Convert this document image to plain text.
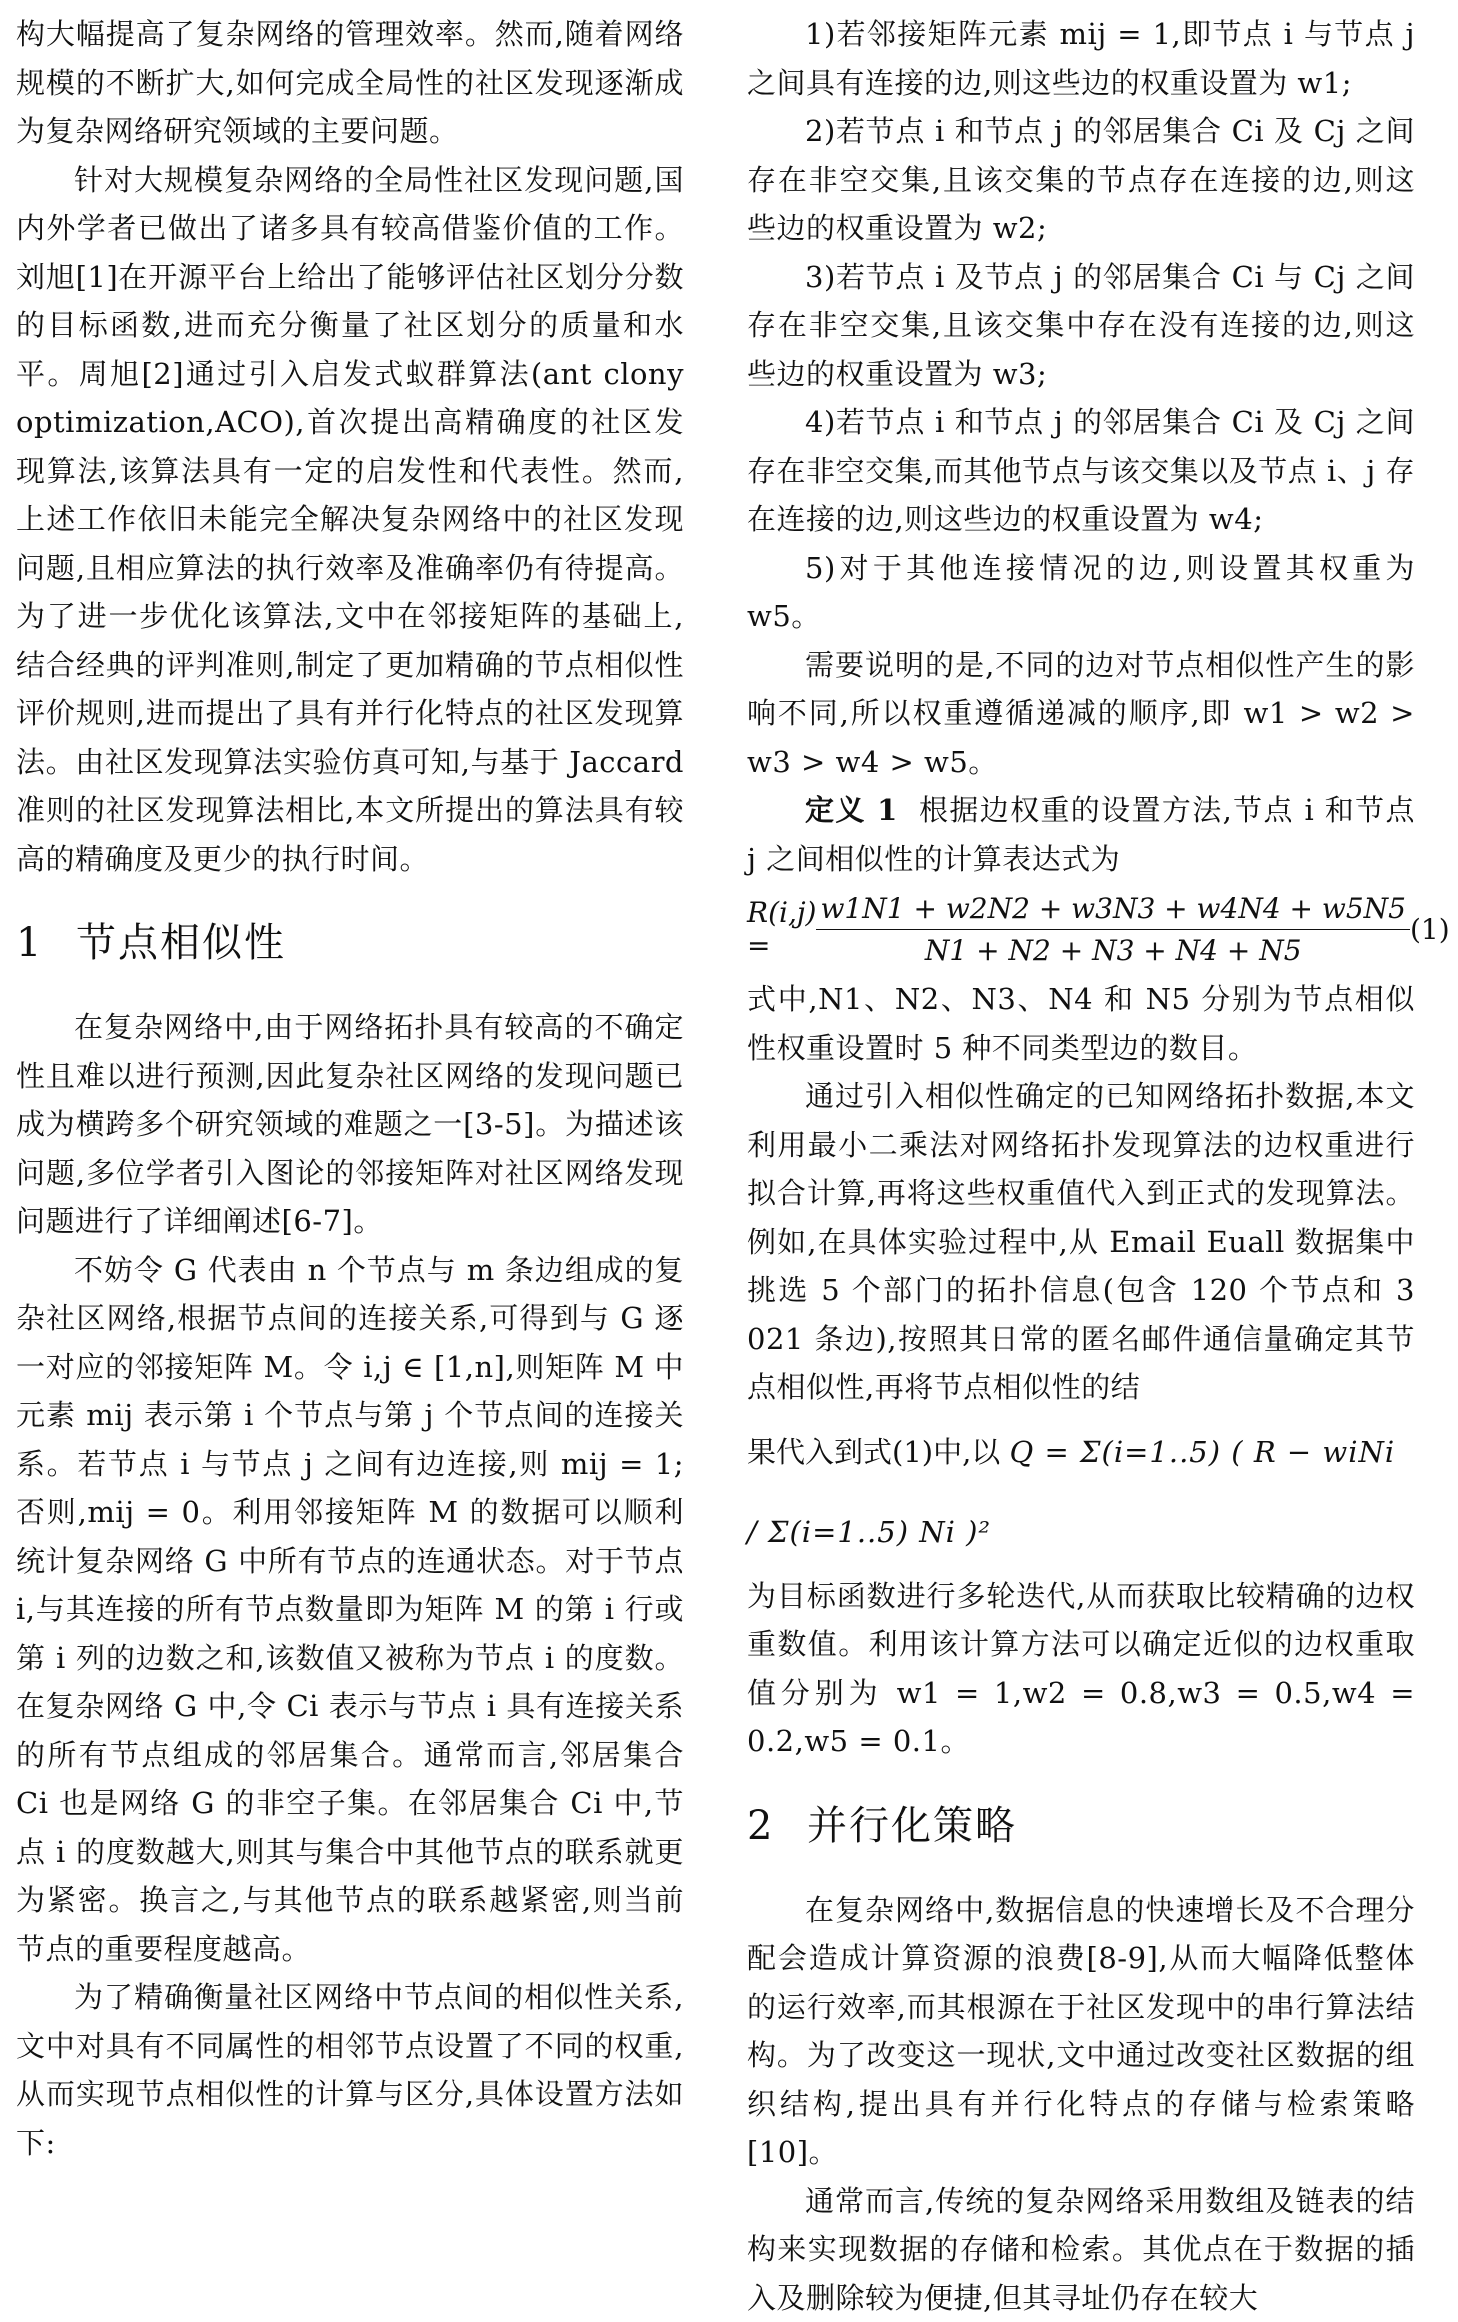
构大幅提高了复杂网络的管理效率。然而,随着网络规模的不断扩大,如何完成全局性的社区发现逐渐成为复杂网络研究领域的主要问题。

针对大规模复杂网络的全局性社区发现问题,国内外学者已做出了诸多具有较高借鉴价值的工作。刘旭[1]在开源平台上给出了能够评估社区划分分数的目标函数,进而充分衡量了社区划分的质量和水平。周旭[2]通过引入启发式蚁群算法(ant clony optimization,ACO),首次提出高精确度的社区发现算法,该算法具有一定的启发性和代表性。然而,上述工作依旧未能完全解决复杂网络中的社区发现问题,且相应算法的执行效率及准确率仍有待提高。为了进一步优化该算法,文中在邻接矩阵的基础上,结合经典的评判准则,制定了更加精确的节点相似性评价规则,进而提出了具有并行化特点的社区发现算法。由社区发现算法实验仿真可知,与基于 Jaccard 准则的社区发现算法相比,本文所提出的算法具有较高的精确度及更少的执行时间。

1 节点相似性

在复杂网络中,由于网络拓扑具有较高的不确定性且难以进行预测,因此复杂社区网络的发现问题已成为横跨多个研究领域的难题之一[3-5]。为描述该问题,多位学者引入图论的邻接矩阵对社区网络发现问题进行了详细阐述[6-7]。

不妨令 G 代表由 n 个节点与 m 条边组成的复杂社区网络,根据节点间的连接关系,可得到与 G 逐一对应的邻接矩阵 M。令 i,j ∈ [1,n],则矩阵 M 中元素 mij 表示第 i 个节点与第 j 个节点间的连接关系。若节点 i 与节点 j 之间有边连接,则 mij = 1;否则,mij = 0。利用邻接矩阵 M 的数据可以顺利统计复杂网络 G 中所有节点的连通状态。对于节点 i,与其连接的所有节点数量即为矩阵 M 的第 i 行或第 i 列的边数之和,该数值又被称为节点 i 的度数。在复杂网络 G 中,令 Ci 表示与节点 i 具有连接关系的所有节点组成的邻居集合。通常而言,邻居集合 Ci 也是网络 G 的非空子集。在邻居集合 Ci 中,节点 i 的度数越大,则其与集合中其他节点的联系就更为紧密。换言之,与其他节点的联系越紧密,则当前节点的重要程度越高。

为了精确衡量社区网络中节点间的相似性关系,文中对具有不同属性的相邻节点设置了不同的权重,从而实现节点相似性的计算与区分,具体设置方法如下:

1)若邻接矩阵元素 mij = 1,即节点 i 与节点 j 之间具有连接的边,则这些边的权重设置为 w1;

2)若节点 i 和节点 j 的邻居集合 Ci 及 Cj 之间存在非空交集,且该交集的节点存在连接的边,则这些边的权重设置为 w2;

3)若节点 i 及节点 j 的邻居集合 Ci 与 Cj 之间存在非空交集,且该交集中存在没有连接的边,则这些边的权重设置为 w3;

4)若节点 i 和节点 j 的邻居集合 Ci 及 Cj 之间存在非空交集,而其他节点与该交集以及节点 i、j 存在连接的边,则这些边的权重设置为 w4;

5)对于其他连接情况的边,则设置其权重为 w5。

需要说明的是,不同的边对节点相似性产生的影响不同,所以权重遵循递减的顺序,即 w1 > w2 > w3 > w4 > w5。

定义 1 根据边权重的设置方法,节点 i 和节点 j 之间相似性的计算表达式为

R(i,j) =	$\frac{w1N1 + w2N2 + w3N3 + w4N4 + w5N5}{N1 + N2 + N3 + N4 + N5} (1)$

式中,N1、N2、N3、N4 和 N5 分别为节点相似性权重设置时 5 种不同类型边的数目。

通过引入相似性确定的已知网络拓扑数据,本文利用最小二乘法对网络拓扑发现算法的边权重进行拟合计算,再将这些权重值代入到正式的发现算法。例如,在具体实验过程中,从 Email Euall 数据集中挑选 5 个部门的拓扑信息(包含 120 个节点和 3 021 条边),按照其日常的匿名邮件通信量确定其节点相似性,再将节点相似性的结

果代入到式(1)中,以 Q = Σ(i=1..5) ( R − wiNi / Σ(i=1..5) Ni )²

为目标函数进行多轮迭代,从而获取比较精确的边权重数值。利用该计算方法可以确定近似的边权重取值分别为 w1 = 1,w2 = 0.8,w3 = 0.5,w4 = 0.2,w5 = 0.1。

2 并行化策略

在复杂网络中,数据信息的快速增长及不合理分配会造成计算资源的浪费[8-9],从而大幅降低整体的运行效率,而其根源在于社区发现中的串行算法结构。为了改变这一现状,文中通过改变社区数据的组织结构,提出具有并行化特点的存储与检索策略[10]。

通常而言,传统的复杂网络采用数组及链表的结构来实现数据的存储和检索。其优点在于数据的插入及删除较为便捷,但其寻址仍存在较大
